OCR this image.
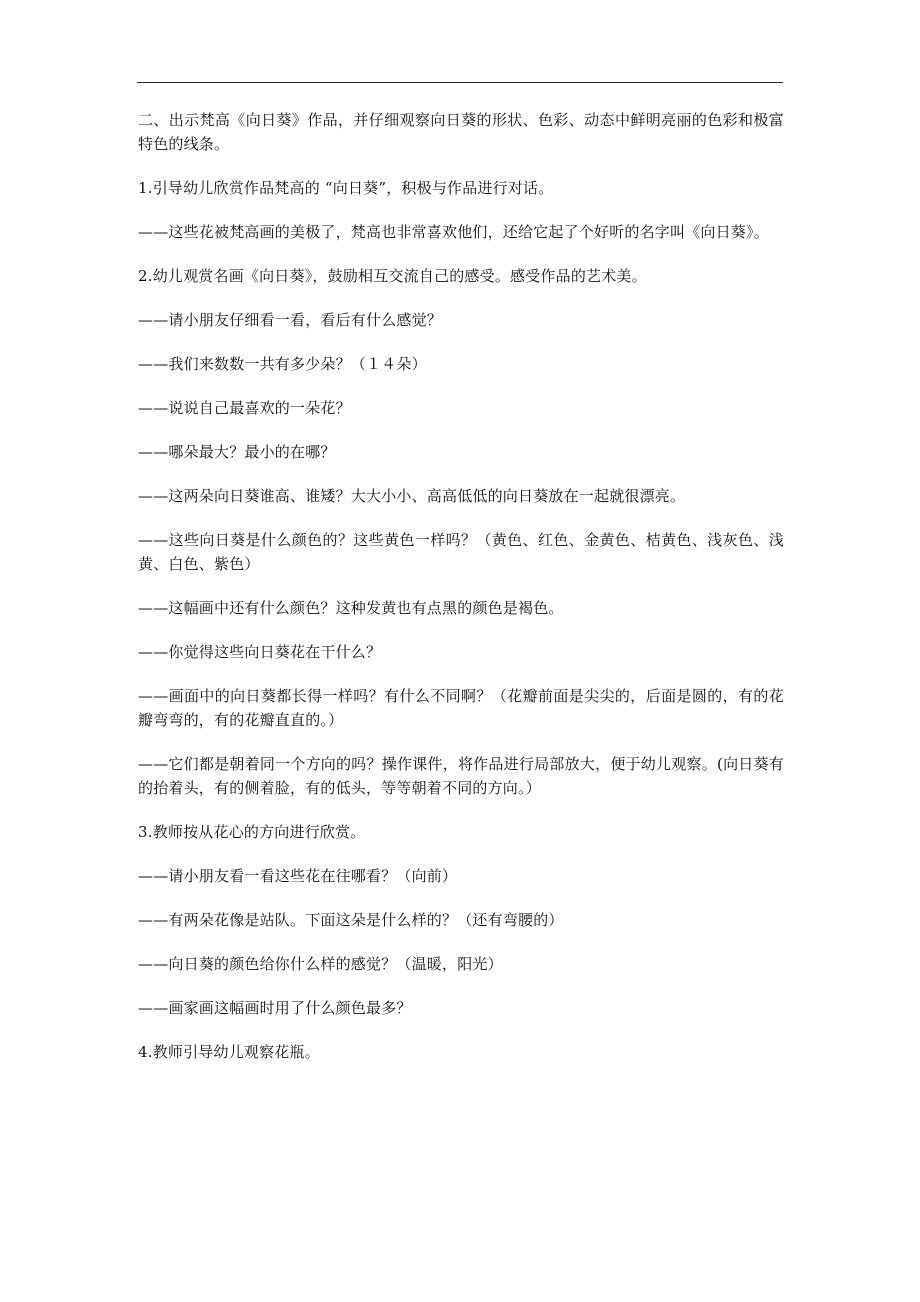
二、出示梵高《向日葵》作品，并仔细观察向日葵的形状、色彩、动态中鲜明亮丽的色彩和极富特色的线条。

1.引导幼儿欣赏作品梵高的 “向日葵”，积极与作品进行对话。

——这些花被梵高画的美极了，梵高也非常喜欢他们，还给它起了个好听的名字叫《向日葵》。

2.幼儿观赏名画《向日葵》，鼓励相互交流自己的感受。感受作品的艺术美。

——请小朋友仔细看一看，看后有什么感觉？

——我们来数数一共有多少朵？（１４朵）

——说说自己最喜欢的一朵花？

——哪朵最大？最小的在哪？

——这两朵向日葵谁高、谁矮？大大小小、高高低低的向日葵放在一起就很漂亮。

——这些向日葵是什么颜色的？这些黄色一样吗？（黄色、红色、金黄色、桔黄色、浅灰色、浅黄、白色、紫色）

——这幅画中还有什么颜色？这种发黄也有点黑的颜色是褐色。

——你觉得这些向日葵花在干什么？

——画面中的向日葵都长得一样吗？有什么不同啊？（花瓣前面是尖尖的，后面是圆的，有的花瓣弯弯的，有的花瓣直直的。）

——它们都是朝着同一个方向的吗？操作课件，将作品进行局部放大，便于幼儿观察。(向日葵有的抬着头，有的侧着脸，有的低头，等等朝着不同的方向。）

3.教师按从花心的方向进行欣赏。

——请小朋友看一看这些花在往哪看？（向前）

——有两朵花像是站队。下面这朵是什么样的？（还有弯腰的）

——向日葵的颜色给你什么样的感觉？（温暖，阳光）

——画家画这幅画时用了什么颜色最多？

4.教师引导幼儿观察花瓶。
